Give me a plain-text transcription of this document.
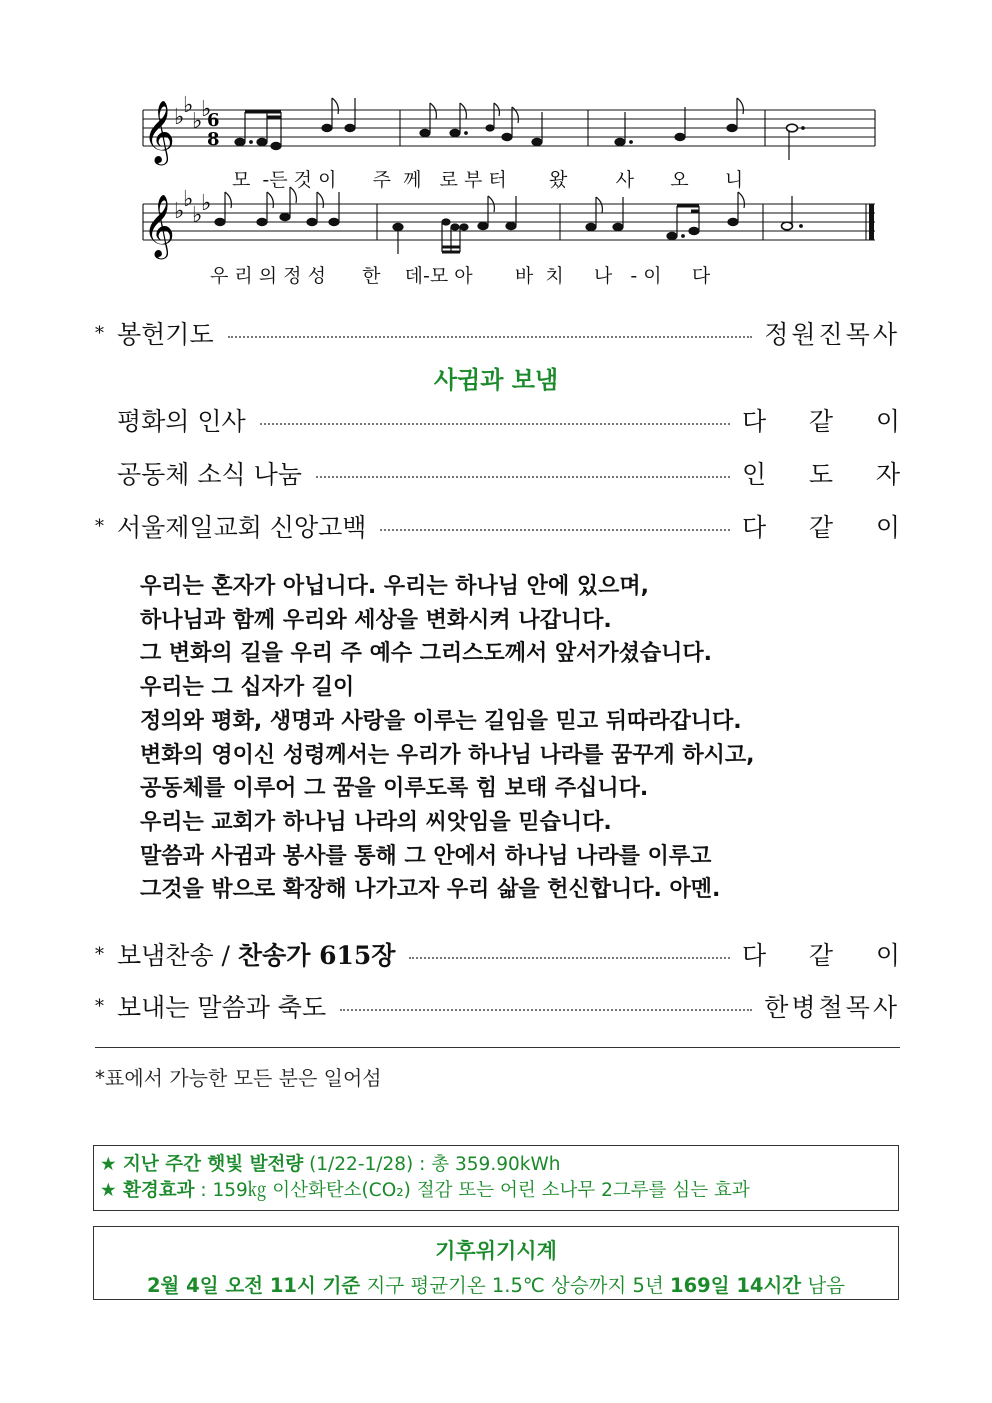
𝄞
𝄞
♭
♭
♭
♭
♭
♭
♭
♭
6
8
모  -든 것 이      주  께   로 부 터       왔        사      오      니
우 리 의 정 성      한    데-모 아       바  치     나   - 이     다
* 봉헌기도	정원진목사
사귐과 보냄
평화의 인사	다 같 이
공동체 소식 나눔	인 도 자
* 서울제일교회 신앙고백	다 같 이
우리는 혼자가 아닙니다. 우리는 하나님 안에 있으며,
하나님과 함께 우리와 세상을 변화시켜 나갑니다.
그 변화의 길을 우리 주 예수 그리스도께서 앞서가셨습니다.
우리는 그 십자가 길이
정의와 평화, 생명과 사랑을 이루는 길임을 믿고 뒤따라갑니다.
변화의 영이신 성령께서는 우리가 하나님 나라를 꿈꾸게 하시고,
공동체를 이루어 그 꿈을 이루도록 힘 보태 주십니다.
우리는 교회가 하나님 나라의 씨앗임을 믿습니다.
말씀과 사귐과 봉사를 통해 그 안에서 하나님 나라를 이루고
그것을 밖으로 확장해 나가고자 우리 삶을 헌신합니다. 아멘.
* 보냄찬송 / 찬송가 615장	다 같 이
* 보내는 말씀과 축도	한병철목사
*표에서 가능한 모든 분은 일어섬
★ 지난 주간 햇빛 발전량 (1/22-1/28) : 총 359.90kWh
★ 환경효과 : 159㎏ 이산화탄소(CO₂) 절감 또는 어린 소나무 2그루를 심는 효과
기후위기시계
2월 4일 오전 11시 기준 지구 평균기온 1.5℃ 상승까지 5년 169일 14시간 남음
